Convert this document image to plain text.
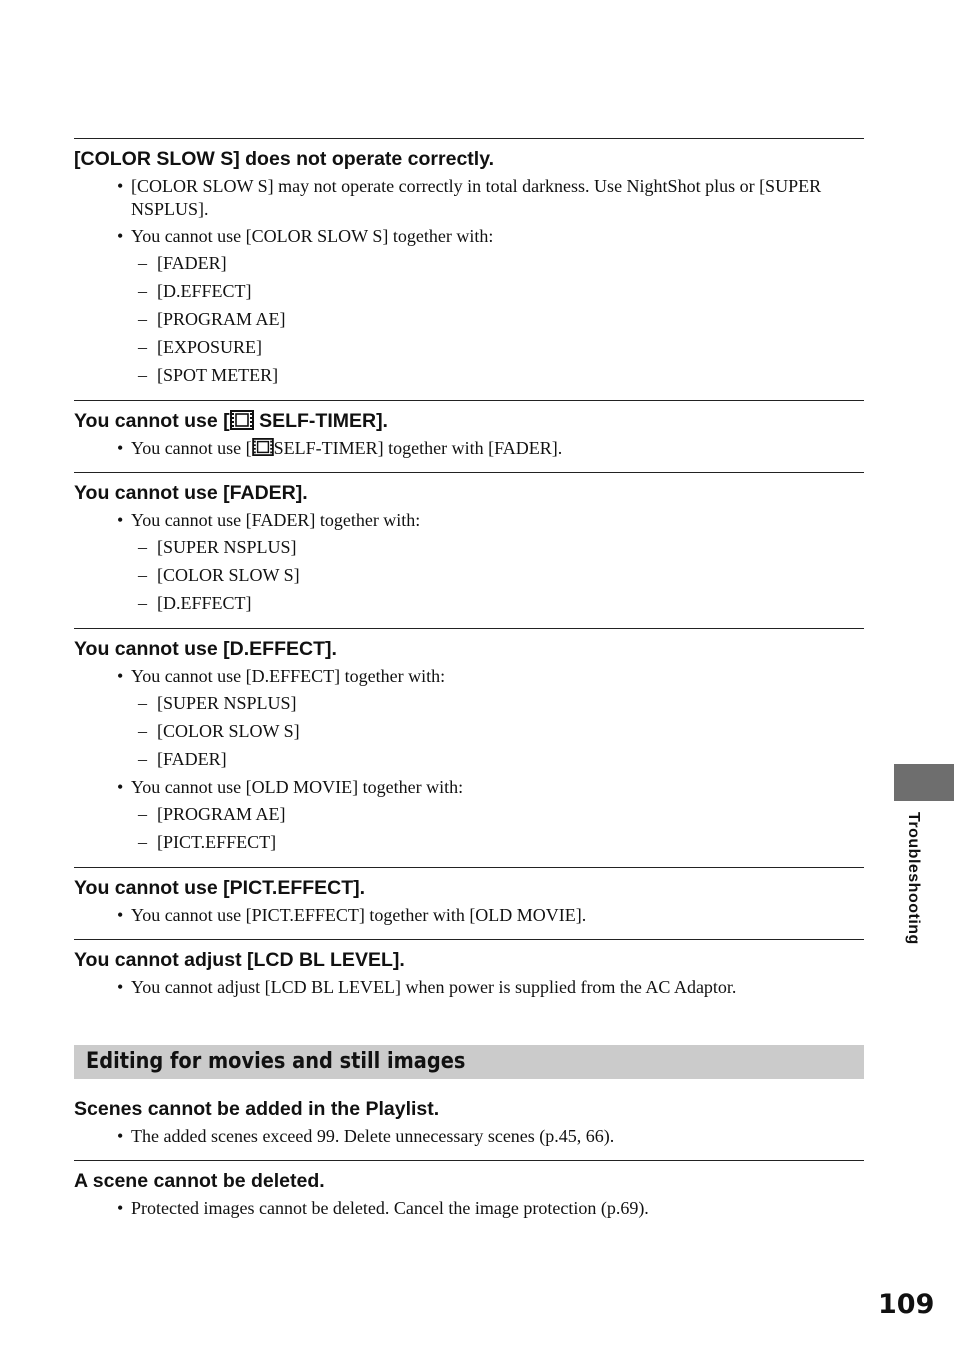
[COLOR SLOW S] does not operate correctly.
• [COLOR SLOW S] may not operate correctly in total darkness. Use NightShot plus or [SUPER NSPLUS].
• You cannot use [COLOR SLOW S] together with:
– [FADER]
– [D.EFFECT]
– [PROGRAM AE]
– [EXPOSURE]
– [SPOT METER]
You cannot use [ SELF-TIMER].
• You cannot use [ SELF-TIMER] together with [FADER].
You cannot use [FADER].
• You cannot use [FADER] together with:
– [SUPER NSPLUS]
– [COLOR SLOW S]
– [D.EFFECT]
You cannot use [D.EFFECT].
• You cannot use [D.EFFECT] together with:
– [SUPER NSPLUS]
– [COLOR SLOW S]
– [FADER]
• You cannot use [OLD MOVIE] together with:
– [PROGRAM AE]
– [PICT.EFFECT]
You cannot use [PICT.EFFECT].
• You cannot use [PICT.EFFECT] together with [OLD MOVIE].
You cannot adjust [LCD BL LEVEL].
• You cannot adjust [LCD BL LEVEL] when power is supplied from the AC Adaptor.
Editing for movies and still images
Scenes cannot be added in the Playlist.
• The added scenes exceed 99. Delete unnecessary scenes (p.45, 66).
A scene cannot be deleted.
• Protected images cannot be deleted. Cancel the image protection (p.69).
Troubleshooting
109
